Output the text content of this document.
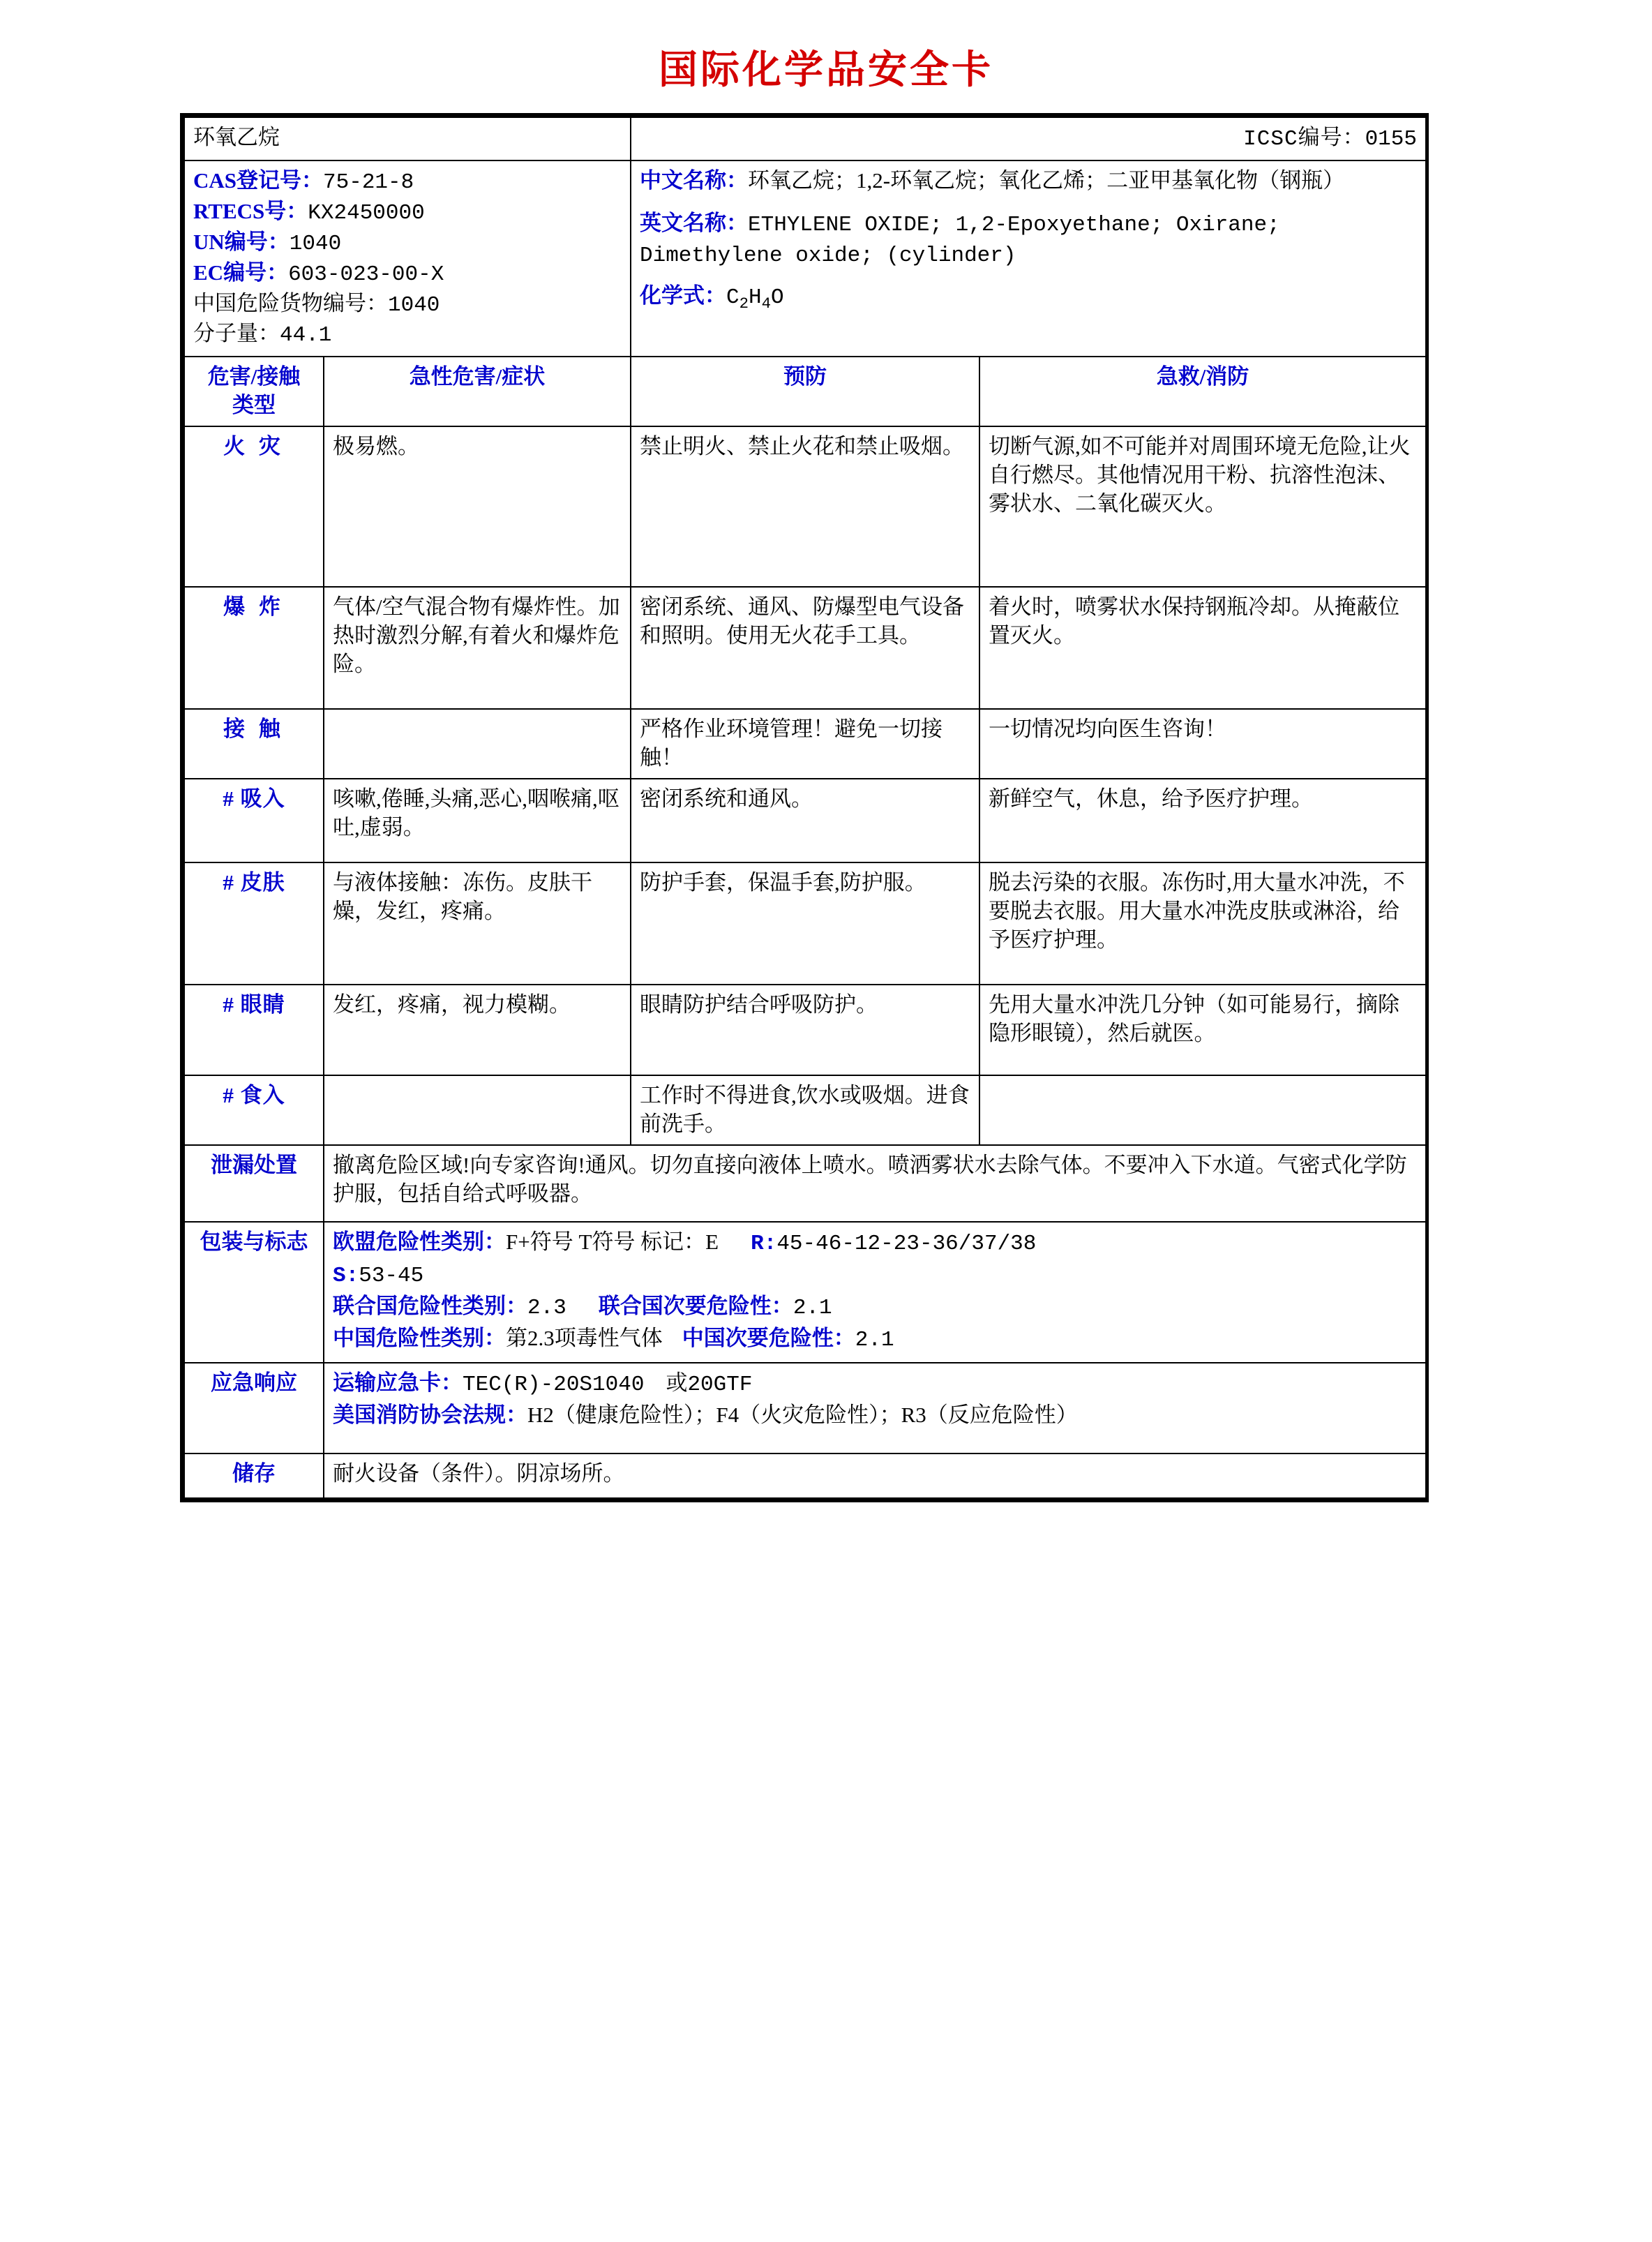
国际化学品安全卡
环氧乙烷		ICSC编号：0155	

CAS登记号：75-21-8
RTECS号：KX2450000
UN编号：1040
EC编号：603-023-00-X
中国危险货物编号：1040
分子量：44.1

中文名称：环氧乙烷；1,2-环氧乙烷；氧化乙烯；二亚甲基氧化物（钢瓶）
英文名称：ETHYLENE OXIDE; 1,2-Epoxyethane; Oxirane; Dimethylene oxide; (cylinder)
化学式：$C_2H_4O$

危害/接触
类型	急性危害/症状	预防	急救/消防
火 灾	极易燃。	禁止明火、禁止火花和禁止吸烟。	切断气源,如不可能并对周围环境无危险,让火自行燃尽。其他情况用干粉、抗溶性泡沫、雾状水、二氧化碳灭火。
爆 炸	气体/空气混合物有爆炸性。加热时激烈分解,有着火和爆炸危险。	密闭系统、通风、防爆型电气设备和照明。使用无火花手工具。	着火时，喷雾状水保持钢瓶冷却。从掩蔽位置灭火。
接 触		严格作业环境管理！避免一切接触！	一切情况均向医生咨询！
# 吸入	咳嗽,倦睡,头痛,恶心,咽喉痛,呕吐,虚弱。	密闭系统和通风。	新鲜空气，休息，给予医疗护理。
# 皮肤	与液体接触：冻伤。皮肤干燥，发红，疼痛。	防护手套，保温手套,防护服。	脱去污染的衣服。冻伤时,用大量水冲洗，不要脱去衣服。用大量水冲洗皮肤或淋浴，给予医疗护理。
# 眼睛	发红，疼痛，视力模糊。	眼睛防护结合呼吸防护。	先用大量水冲洗几分钟（如可能易行，摘除隐形眼镜），然后就医。
# 食入		工作时不得进食,饮水或吸烟。进食前洗手。	
泄漏处置	撤离危险区域!向专家咨询!通风。切勿直接向液体上喷水。喷洒雾状水去除气体。不要冲入下水道。气密式化学防护服，包括自给式呼吸器。		
包装与标志	欧盟危险性类别：F+符号 T符号 标记：E R:45-46-12-23-36/37/38
S:53-45
联合国危险性类别：2.3 联合国次要危险性：2.1
中国危险性类别：第2.3项毒性气体 中国次要危险性：2.1		

应急响应	运输应急卡：TEC(R)-20S1040　或20GTF
美国消防协会法规：H2（健康危险性）；F4（火灾危险性）；R3（反应危险性）		

储存	耐火设备（条件）。阴凉场所。		
